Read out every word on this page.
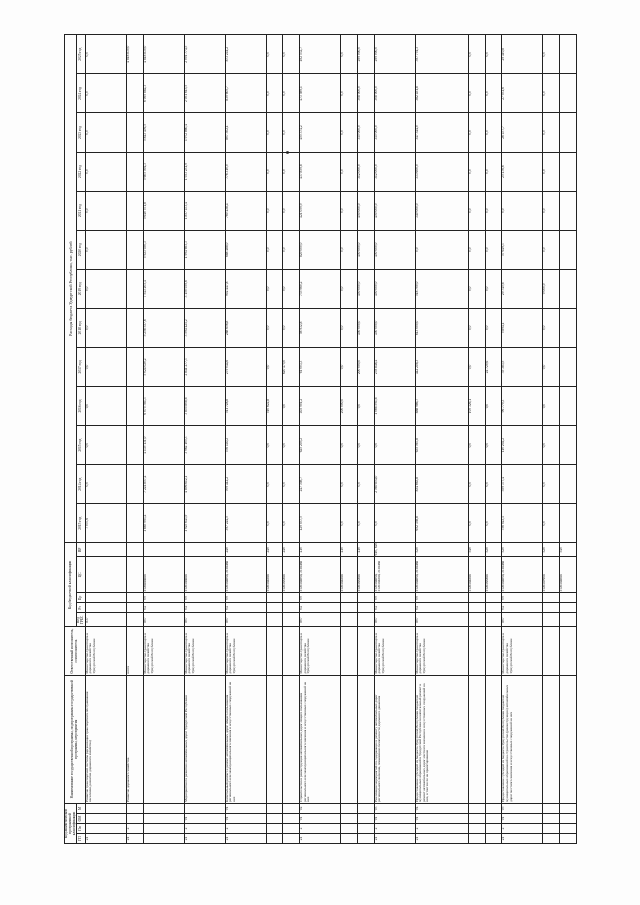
Код аналитической программной классификации				Наименование государственной программы, подпрограммы государственной программы, мероприятия	Ответственный исполнитель, соисполнитель	Код бюджетной классификации					Расходы бюджета Удмуртской Республики, тыс. рублей												
ГП	Пп	ОМ	М			Код ГРБС	Рз	Пр	ЦС	ВР	2015 год	2014 год	2015 год	2016 год	2017 год	2018 год	2019 год	2020 год	2021 год	2022 год	2023 год	2024 год	2025 год
21				Развитие транспортной системы (организация транспортного обслуживания населения, развитие дорожного хозяйства)	Министерство транспорта и дорожного хозяйства Удмуртской Республики	837					7 057,6	0,0	0,0	0,0	0,0	0,0	0,0	0,0	0,0	0,0	0,0	0,0	0,0
21	2			Развитие дорожного хозяйства	всего																		4 818 830,0
					Министерство транспорта и дорожного хозяйства Удмуртской Республики	807	04	09	2120000000		1 885 993,4	7 224 857,4	4 135 131,0	6 075 781,3	5 024 020,2	5 258 537,6	7 543 203,4	5 923 030,3	5 640 571,8	5 605 594,3	5 843 476,5	6 095 882,3	4 818 830,0
21	2	01		Мероприятия по развитию автомобильных дорог Удмуртской Республики	Министерство транспорта и дорожного хозяйства Удмуртской Республики	807	04	09	2120100000		1 925 643,9	4 896 612,1	3 962 105,3	3 855 808,6	2 841 277,3	3 594 421,2	3 150 939,6	1 994 693,3	1 857 473,4	1 933 231,9	1 972 860,4	2 051 615,5	2 091 774,5
21	2	01	01	Капитальный ремонт и ремонт автомобильных дорог общего пользования регионального или межмуниципального значения и искусственных сооружений на них	Министерство транспорта и дорожного хозяйства Удмуртской Республики	807	04	09	2120104650, 2120460	240	397 224,5	709 412,2	576 140,2	511 728,8	279 044,6	288 656,8	902 447,8	688 488,0	760 438,4	776 310,0	807 302,1	839 605,7	873 241,2
									2120104200	240	0,0	0,0	0,0	510 622,8	0,0	0,0	0,0	0,0	0,0	0,0	0,0	0,0	0,0
									2120183300	240	0,0	0,0	0,0	0,0	620 475,0	0,0	0,0	0,0	0,0	0,0	0,0	0,0	0,0
21	2	01	02	Строительство и реконструкция автомобильных дорог общего пользования регионального или межмуниципального значения и искусственных сооружений на них	Министерство транспорта и дорожного хозяйства Удмуртской Республики	807	04	09	2120104650, 2120460	410	129 037,5	247 308,7	625 205,2	403 901,2	61 003,3	58 932,8	735 960,2	829 000,0	421 059,9	437 859,8	455 374,2	473 589,1	492 532,7
									2120104200	410	0,0	0,0	0,0	200 000,0	0,0	0,0	0,0	0,0	0,0	0,0	0,0	0,0	0,0
									2120183300	410	0,0	0,0	0,0	0,0	200 000,0	450 000,0	450 000,0	450 000,0	450 000,0	312 000,0	315 000,0	308 000,0	299 000,0
21	2	01	03	Реализация мероприятий по содержанию и ремонту автомобильных дорог регионального значения, повышению безопасности дорожного движения	Министерство транспорта и дорожного хозяйства Удмуртской Республики	807	04	09	2120104650, 2120104200, 2120460	610, 620	0,0	2 569 854,0	0,0	1 066 591,6	278 848,4	450 000,0	450 000,0	450 000,0	450 000,0	312 000,0	315 000,0	308 000,0	299 000,0
21	2	01	04	Предоставление субсидий из бюджета Удмуртской Республики бюджетам муниципальных образований в Удмуртской Республике на капитальный ремонт и ремонт автомобильных дорог местного значения и искусственных сооружений на них, в том числе на проектирование	Министерство транспорта и дорожного хозяйства Удмуртской Республики	807	04	09	2120104650, 2120460	520	652 358,8	834 663,8	635 567,8	888 986,7	442 216,3	613 000,0	518 700,0	0,0	340 000,0	333 600,0	347 344,0	382 451,8	397 751,3
									2120104200	540	0,0	0,0	0,0	105 326,1	0,0	0,0	0,0	0,0	0,0	0,0	0,0	0,0	0,0
									2120183300	520	0,0	0,0	0,0	0,0	24 720,6	0,0	0,0	0,0	0,0	0,0	0,0	0,0	0,0
21	2	01	05	Предоставление субсидий из бюджета Удмуртской Республики бюджетам муниципальных образований на строительство (реконструкцию) автомобильных дорог местного значения и искусственных сооружений на них	Министерство транспорта и дорожного хозяйства Удмуртской Республики	807	04	09	2120104650, 2120460	520	756 023,1	559 377,4	110 202,2	96 779,3	35 383,5	5 894,1	29 745,6	57 649,3	0,0	25 476,6	26 477,7	27 931,6	29 410,8
									2120107990	520	0,0	0,0	0,0	0,0	0,0	0,0	9 000,0	0,0	0,0	0,0	0,0	0,0	0,0
									2120104600	540													
